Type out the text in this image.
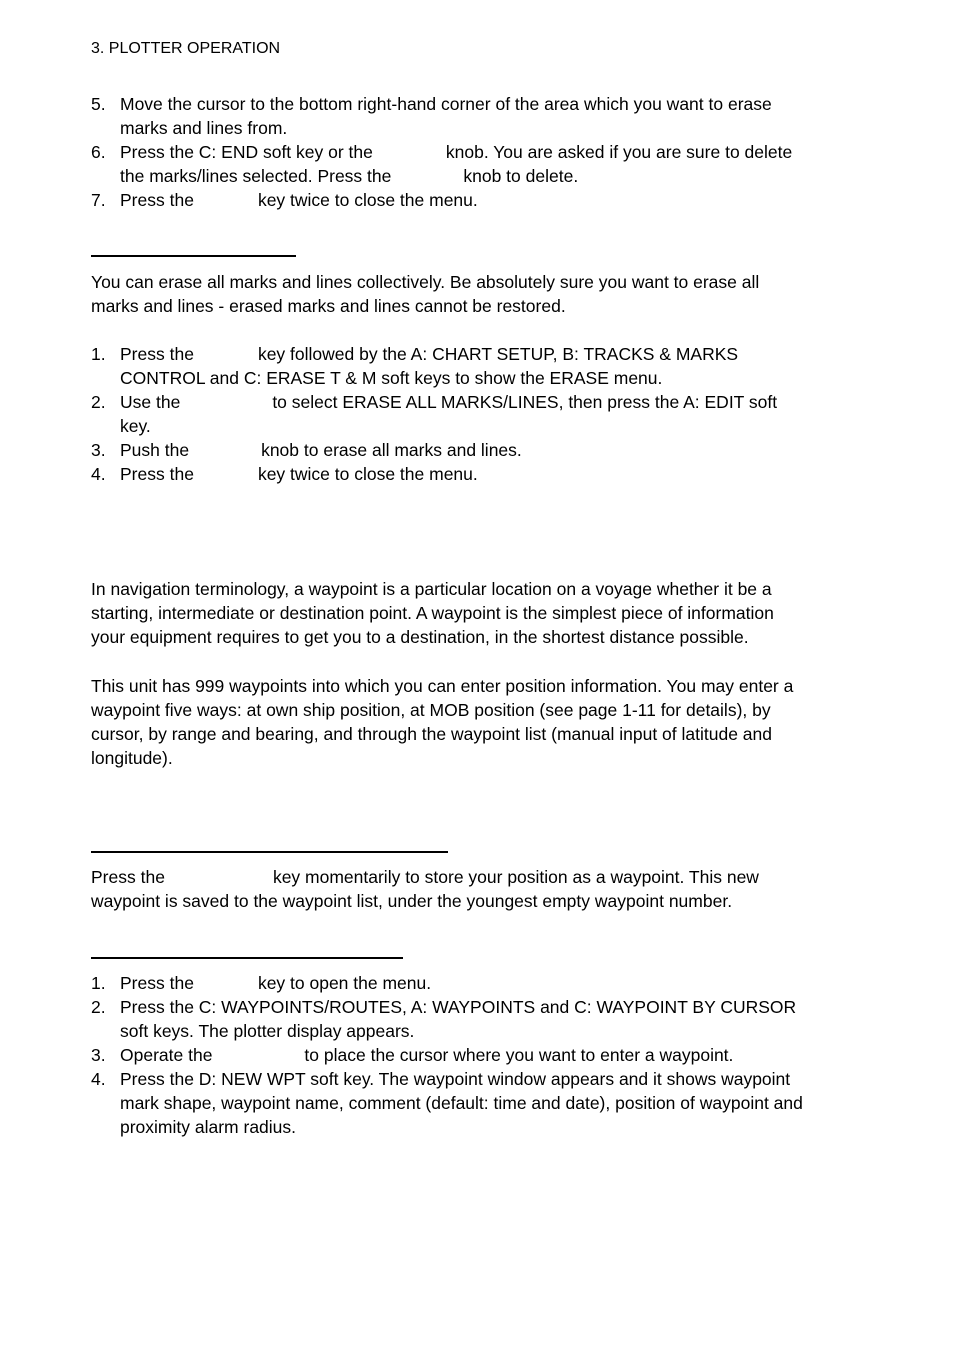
3. PLOTTER OPERATION
5. Move the cursor to the bottom right-hand corner of the area which you want to erase
marks and lines from.
6. Press the C: END soft key or the	knob. You are asked if you are sure to delete
the marks/lines selected. Press the	knob to delete.
7. Press the	key twice to close the menu.

You can erase all marks and lines collectively. Be absolutely sure you want to erase all
marks and lines - erased marks and lines cannot be restored.

1. Press the	key followed by the A: CHART SETUP, B: TRACKS & MARKS
CONTROL and C: ERASE T & M soft keys to show the ERASE menu.
2. Use the	to select ERASE ALL MARKS/LINES, then press the A: EDIT soft
key.
3. Push the	knob to erase all marks and lines.
4. Press the	key twice to close the menu.

In navigation terminology, a waypoint is a particular location on a voyage whether it be a
starting, intermediate or destination point. A waypoint is the simplest piece of information
your equipment requires to get you to a destination, in the shortest distance possible.

This unit has 999 waypoints into which you can enter position information. You may enter a
waypoint five ways: at own ship position, at MOB position (see page 1-11 for details), by
cursor, by range and bearing, and through the waypoint list (manual input of latitude and
longitude).

Press the	key momentarily to store your position as a waypoint. This new
waypoint is saved to the waypoint list, under the youngest empty waypoint number.

1. Press the	key to open the menu.
2. Press the C: WAYPOINTS/ROUTES, A: WAYPOINTS and C: WAYPOINT BY CURSOR
soft keys. The plotter display appears.
3. Operate the	to place the cursor where you want to enter a waypoint.
4. Press the D: NEW WPT soft key. The waypoint window appears and it shows waypoint
mark shape, waypoint name, comment (default: time and date), position of waypoint and
proximity alarm radius.
